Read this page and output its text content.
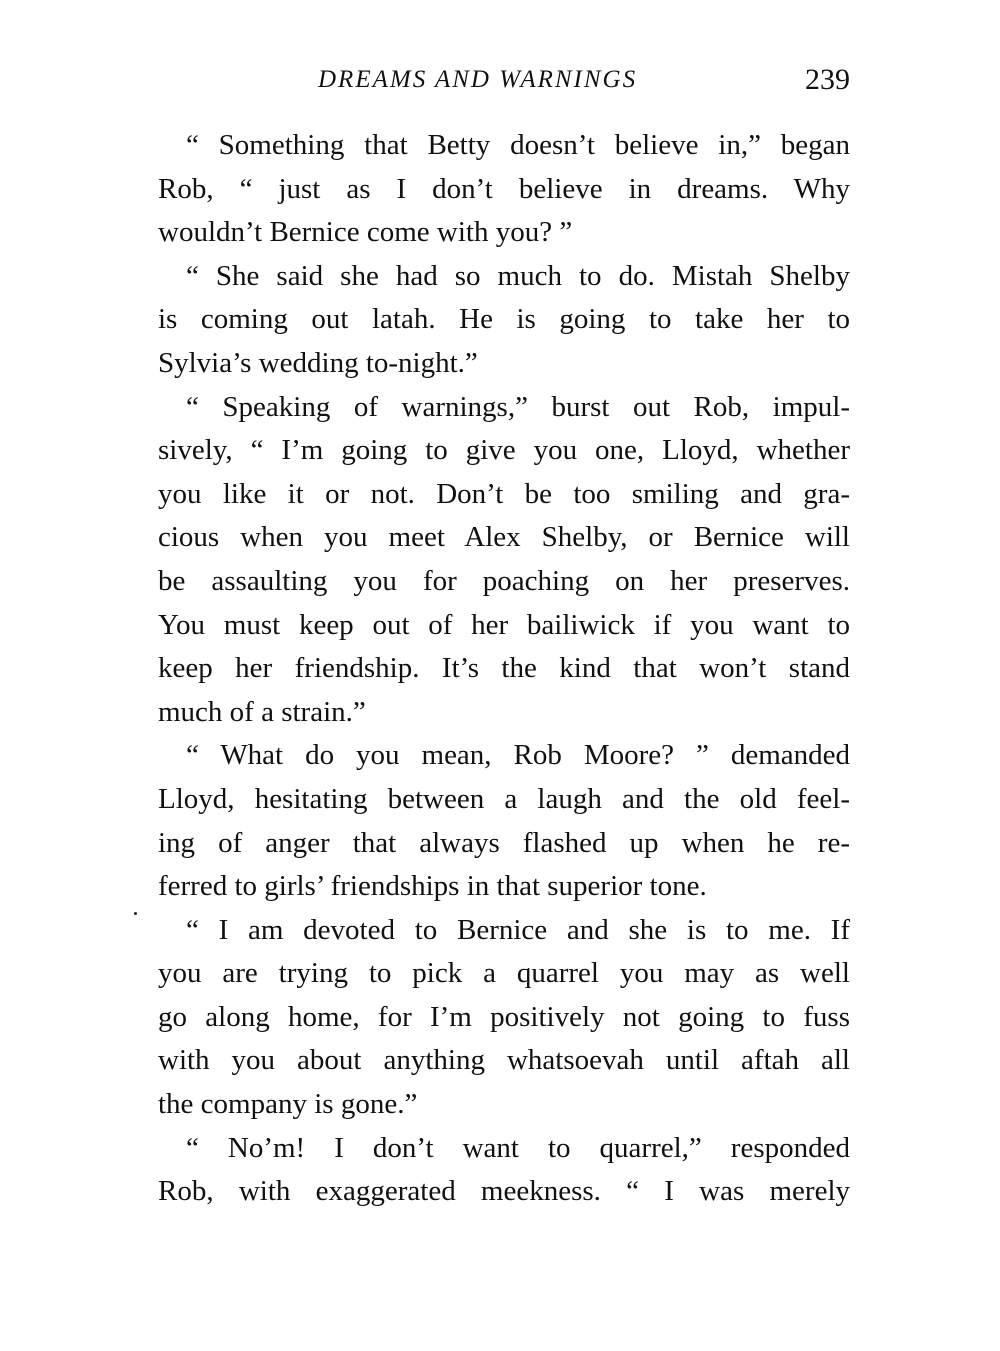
DREAMS AND WARNINGS	239
“ Something that Betty doesn’t believe in,” began
Rob, “ just as I don’t believe in dreams. Why
wouldn’t Bernice come with you? ”
“ She said she had so much to do. Mistah Shelby
is coming out latah. He is going to take her to
Sylvia’s wedding to-night.”
“ Speaking of warnings,” burst out Rob, impul-
sively, “ I’m going to give you one, Lloyd, whether
you like it or not. Don’t be too smiling and gra-
cious when you meet Alex Shelby, or Bernice will
be assaulting you for poaching on her preserves.
You must keep out of her bailiwick if you want to
keep her friendship. It’s the kind that won’t stand
much of a strain.”
“ What do you mean, Rob Moore? ” demanded
Lloyd, hesitating between a laugh and the old feel-
ing of anger that always flashed up when he re-
ferred to girls’ friendships in that superior tone.
“ I am devoted to Bernice and she is to me. If
you are trying to pick a quarrel you may as well
go along home, for I’m positively not going to fuss
with you about anything whatsoevah until aftah all
the company is gone.”
“ No’m! I don’t want to quarrel,” responded
Rob, with exaggerated meekness. “ I was merely
